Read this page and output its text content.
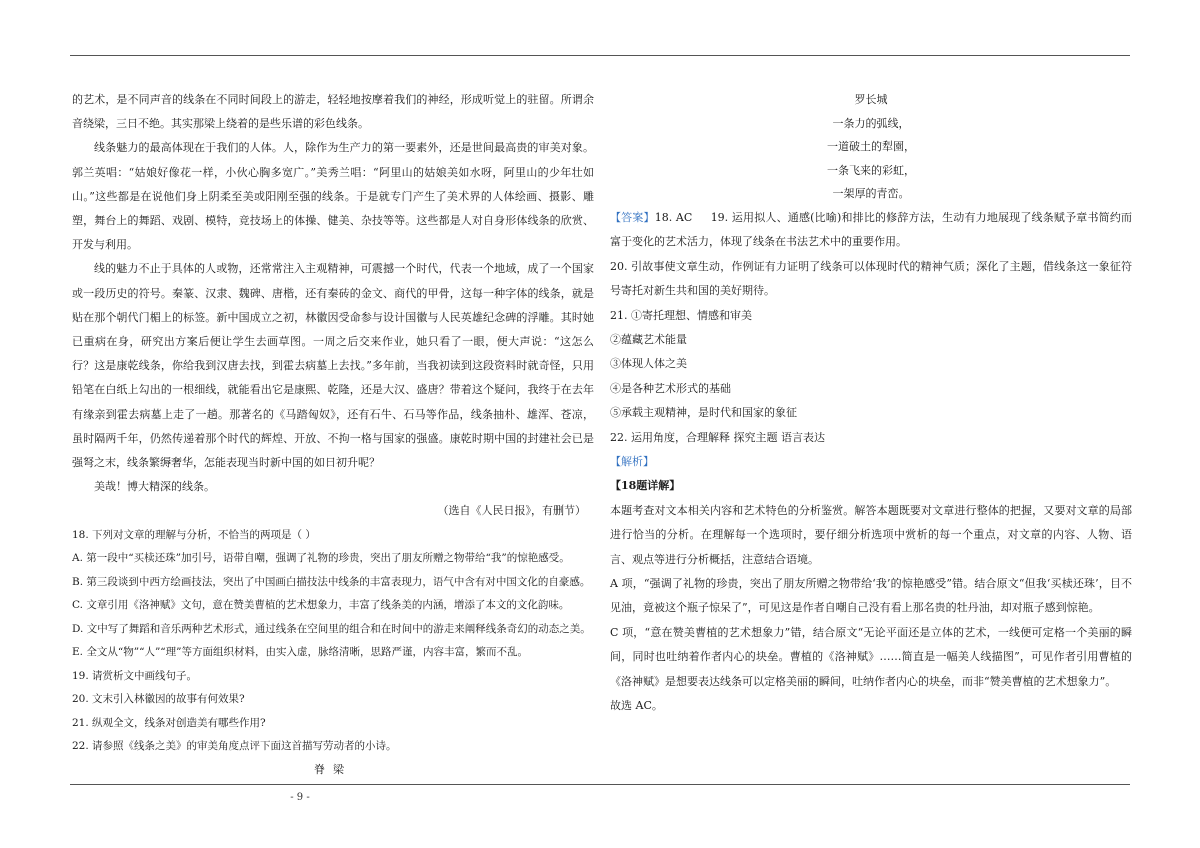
的艺术，是不同声音的线条在不同时间段上的游走，轻轻地按摩着我们的神经，形成听觉上的驻留。所谓余音绕梁，三日不绝。其实那梁上绕着的是些乐谱的彩色线条。

线条魅力的最高体现在于我们的人体。人，除作为生产力的第一要素外，还是世间最高贵的审美对象。郭兰英唱：“姑娘好像花一样，小伙心胸多宽广。”美秀兰唱：“阿里山的姑娘美如水呀，阿里山的少年壮如山。”这些都是在说他们身上阴柔至美或阳刚至强的线条。于是就专门产生了美术界的人体绘画、摄影、雕塑，舞台上的舞蹈、戏剧、模特，竞技场上的体操、健美、杂技等等。这些都是人对自身形体线条的欣赏、开发与利用。

线的魅力不止于具体的人或物，还常常注入主观精神，可震撼一个时代，代表一个地域，成了一个国家或一段历史的符号。秦篆、汉隶、魏碑、唐楷，还有秦砖的金文、商代的甲骨，这每一种字体的线条，就是贴在那个朝代门楣上的标签。新中国成立之初，林徽因受命参与设计国徽与人民英雄纪念碑的浮雕。其时她已重病在身，研究出方案后便让学生去画草图。一周之后交来作业，她只看了一眼，便大声说：“这怎么行？这是康乾线条，你给我到汉唐去找，到霍去病墓上去找。”多年前，当我初读到这段资料时就奇怪，只用铅笔在白纸上勾出的一根细线，就能看出它是康熙、乾隆，还是大汉、盛唐？带着这个疑问，我终于在去年有缘亲到霍去病墓上走了一趟。那著名的《马踏匈奴》，还有石牛、石马等作品，线条抽朴、雄浑、苍凉，虽时隔两千年，仍然传递着那个时代的辉煌、开放、不拘一格与国家的强盛。康乾时期中国的封建社会已是强弩之末，线条繁缛奢华，怎能表现当时新中国的如日初升呢？

美哉！博大精深的线条。

（选自《人民日报》，有删节）

18. 下列对文章的理解与分析，不恰当的两项是（ ）

A. 第一段中“买椟还珠”加引号，语带自嘲，强调了礼物的珍贵，突出了朋友所赠之物带给“我”的惊艳感受。

B. 第三段谈到中西方绘画技法，突出了中国画白描技法中线条的丰富表现力，语气中含有对中国文化的自豪感。

C. 文章引用《洛神赋》文句，意在赞美曹植的艺术想象力，丰富了线条美的内涵，增添了本文的文化韵味。

D. 文中写了舞蹈和音乐两种艺术形式，通过线条在空间里的组合和在时间中的游走来阐释线条奇幻的动态之美。

E. 全文从“物”“人”“理”等方面组织材料，由实入虚，脉络清晰，思路严谨，内容丰富，繁而不乱。

19. 请赏析文中画线句子。

20. 文末引入林徽因的故事有何效果?

21. 纵观全文，线条对创造美有哪些作用?

22. 请参照《线条之美》的审美角度点评下面这首描写劳动者的小诗。

脊梁

罗长城

一条力的弧线，

一道破土的犁園，

一条飞来的彩虹，

一架厚的青峦。

【答案】18. AC 19. 运用拟人、通感(比喻)和排比的修辞方法，生动有力地展现了线条赋予章书简约而富于变化的艺术活力，体现了线条在书法艺术中的重要作用。

20. 引故事使文章生动，作例证有力证明了线条可以体现时代的精神气质；深化了主题，借线条这一象征符号寄托对新生共和国的美好期待。

21. ①寄托理想、情感和审美

②蕴藏艺术能量

③体现人体之美

④是各种艺术形式的基础

⑤承载主观精神，是时代和国家的象征

22. 运用角度，合理解释 探究主题 语言表达

【解析】

【18题详解】

本题考查对文本相关内容和艺术特色的分析鉴赏。解答本题既要对文章进行整体的把握，又要对文章的局部进行恰当的分析。在理解每一个选项时，要仔细分析选项中赏析的每一个重点，对文章的内容、人物、语言、观点等进行分析概括，注意结合语境。

A 项，“强调了礼物的珍贵，突出了朋友所赠之物带给‘我’的惊艳感受”错。结合原文“但我‘买椟还珠’，目不见油，竟被这个瓶子惊呆了”，可见这是作者自嘲自己没有看上那名贵的牡丹油，却对瓶子感到惊艳。

C 项，“意在赞美曹植的艺术想象力”错，结合原文“无论平面还是立体的艺术，一线便可定格一个美丽的瞬间，同时也吐纳着作者内心的块垒。曹植的《洛神赋》……简直是一幅美人线描图”，可见作者引用曹植的《洛神赋》是想要表达线条可以定格美丽的瞬间，吐纳作者内心的块垒，而非“赞美曹植的艺术想象力”。

故选 AC。

- 9 -
